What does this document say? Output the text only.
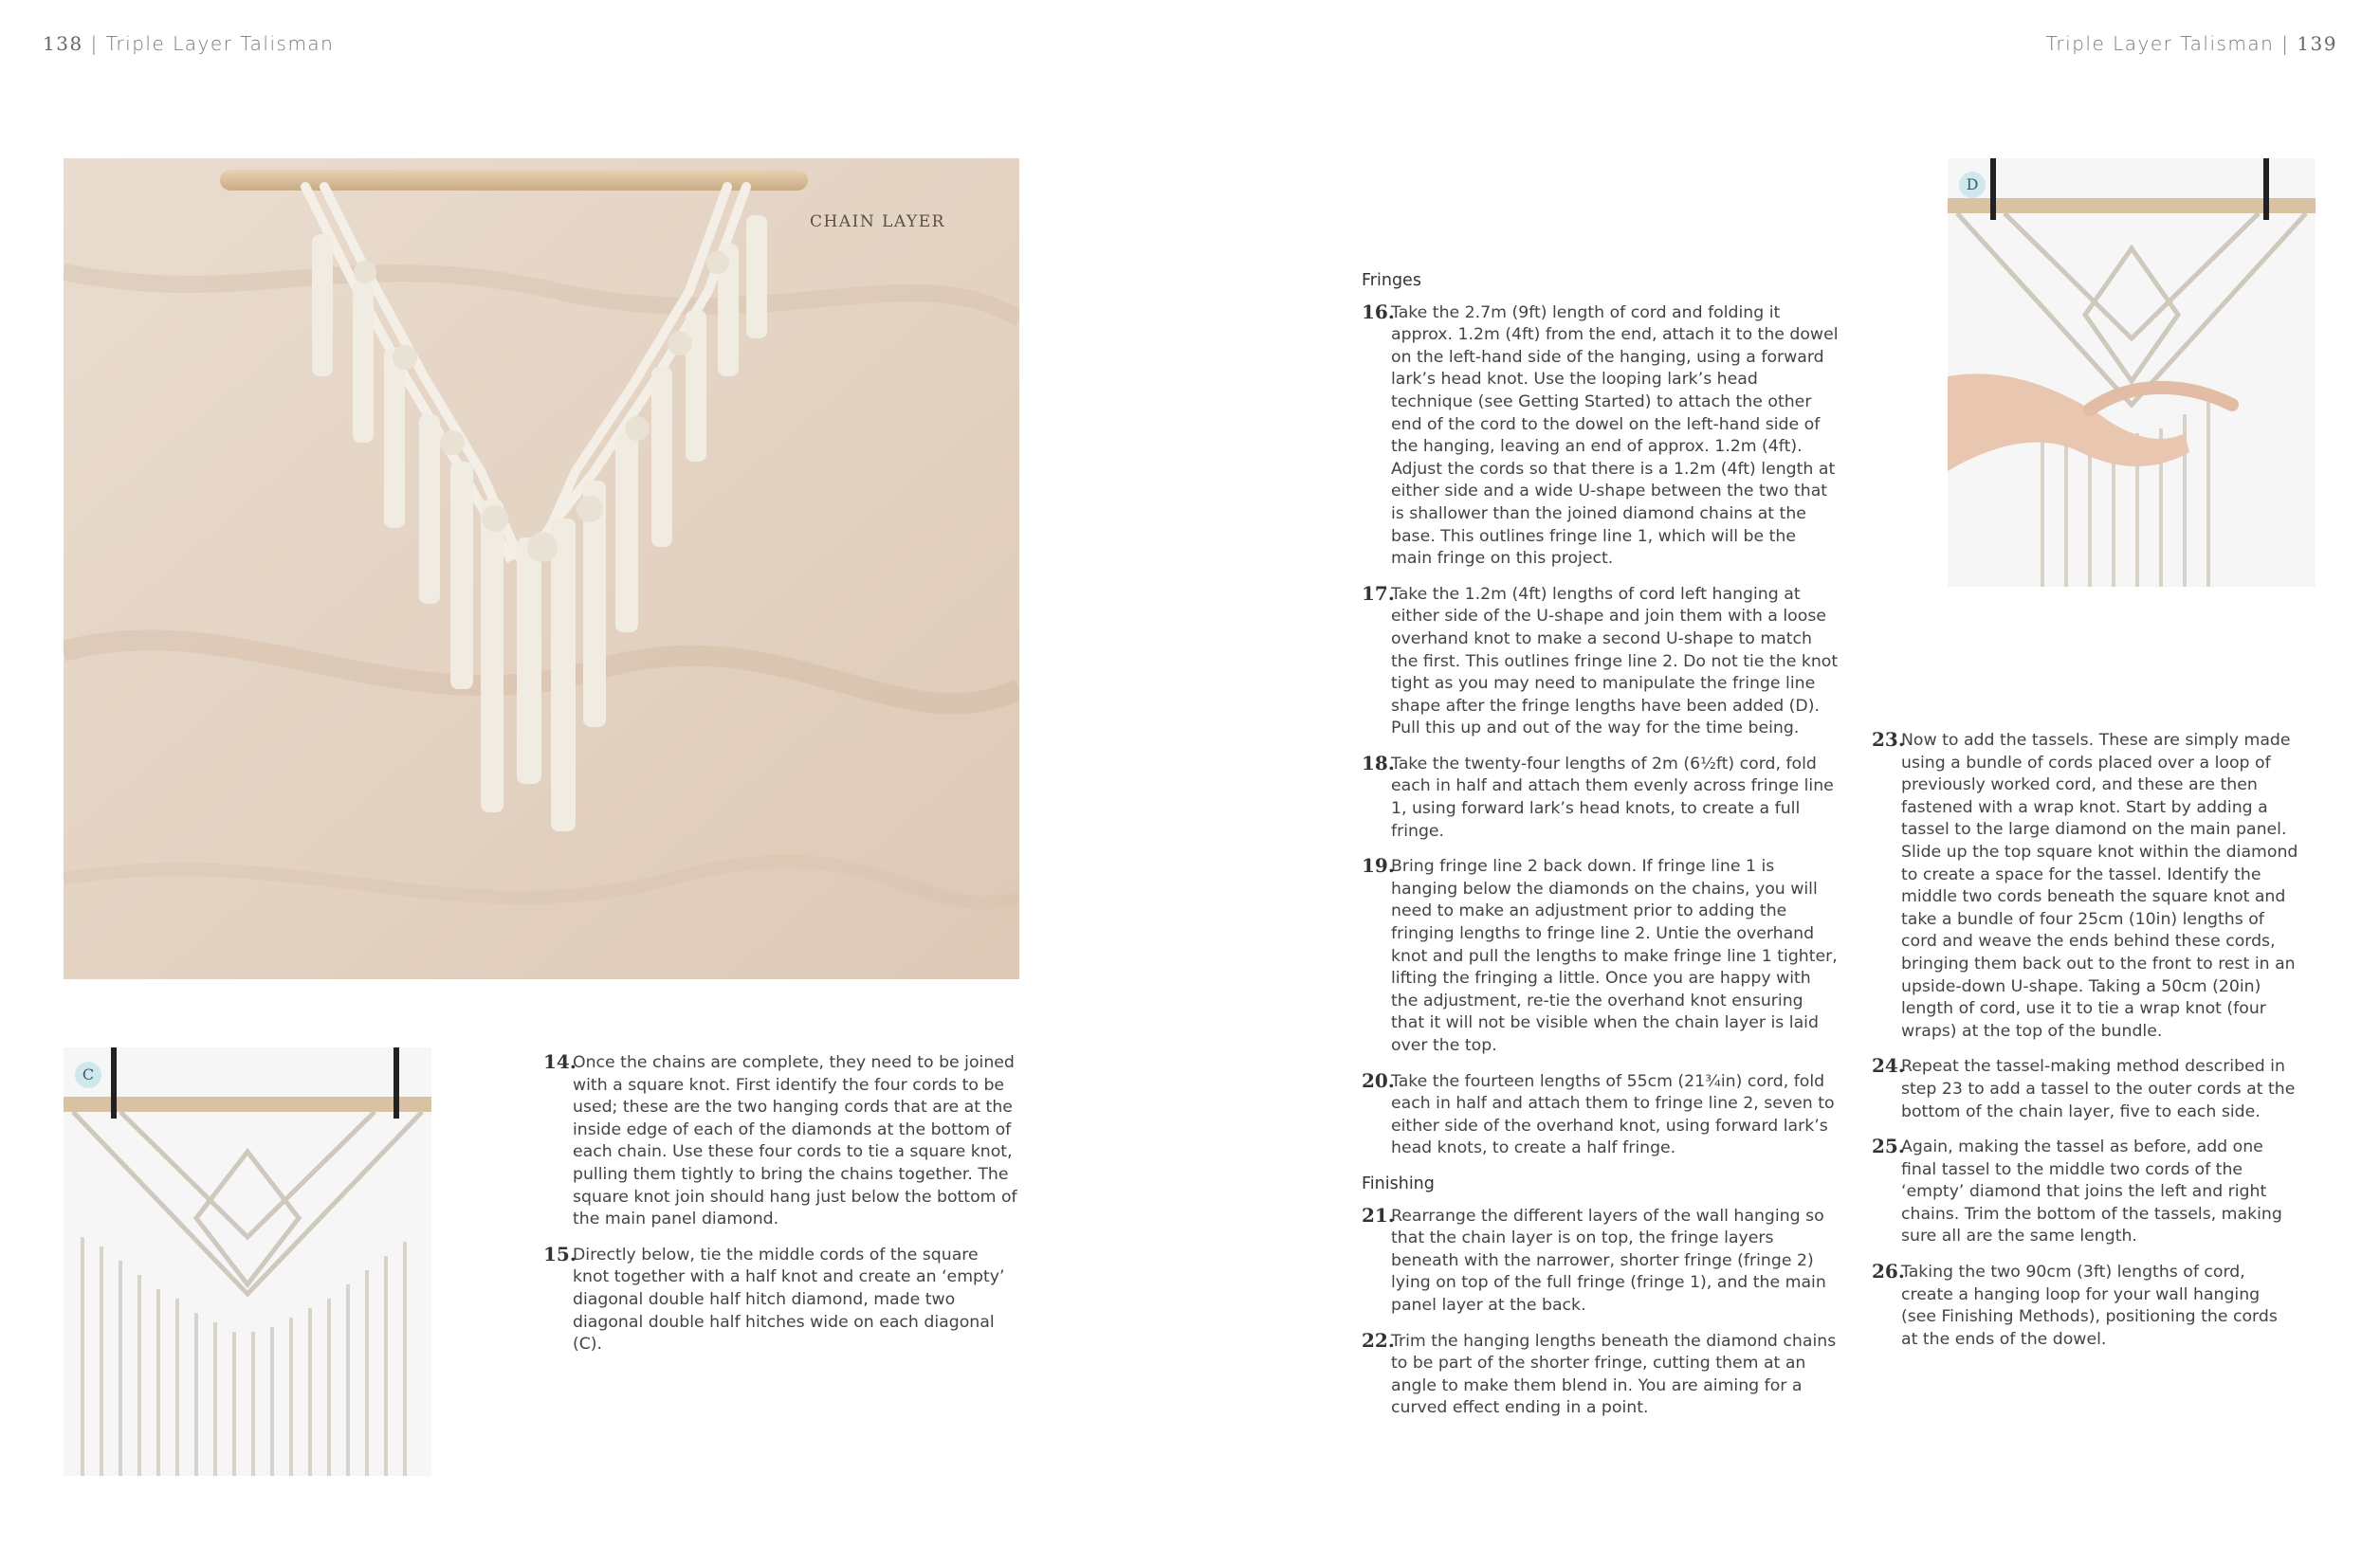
138 | Triple Layer Talisman	Triple Layer Talisman | 139
CHAIN LAYER
C
D
14.
Once the chains are complete, they need to be joined with a square knot. First identify the four cords to be used; these are the two hanging cords that are at the inside edge of each of the diamonds at the bottom of each chain. Use these four cords to tie a square knot, pulling them tightly to bring the chains together. The square knot join should hang just below the bottom of the main panel diamond.
15.
Directly below, tie the middle cords of the square knot together with a half knot and create an ‘empty’ diagonal double half hitch diamond, made two diagonal double half hitches wide on each diagonal (C).
Fringes
16.
Take the 2.7m (9ft) length of cord and folding it approx. 1.2m (4ft) from the end, attach it to the dowel on the left-hand side of the hanging, using a forward lark’s head knot. Use the looping lark’s head technique (see Getting Started) to attach the other end of the cord to the dowel on the left-hand side of the hanging, leaving an end of approx. 1.2m (4ft). Adjust the cords so that there is a 1.2m (4ft) length at either side and a wide U-shape between the two that is shallower than the joined diamond chains at the base. This outlines fringe line 1, which will be the main fringe on this project.
17.
Take the 1.2m (4ft) lengths of cord left hanging at either side of the U-shape and join them with a loose overhand knot to make a second U-shape to match the first. This outlines fringe line 2. Do not tie the knot tight as you may need to manipulate the fringe line shape after the fringe lengths have been added (D). Pull this up and out of the way for the time being.
18.
Take the twenty-four lengths of 2m (6½ft) cord, fold each in half and attach them evenly across fringe line 1, using forward lark’s head knots, to create a full fringe.
19.
Bring fringe line 2 back down. If fringe line 1 is hanging below the diamonds on the chains, you will need to make an adjustment prior to adding the fringing lengths to fringe line 2. Untie the overhand knot and pull the lengths to make fringe line 1 tighter, lifting the fringing a little. Once you are happy with the adjustment, re-tie the overhand knot ensuring that it will not be visible when the chain layer is laid over the top.
20.
Take the fourteen lengths of 55cm (21¾in) cord, fold each in half and attach them to fringe line 2, seven to either side of the overhand knot, using forward lark’s head knots, to create a half fringe.
Finishing
21.
Rearrange the different layers of the wall hanging so that the chain layer is on top, the fringe layers beneath with the narrower, shorter fringe (fringe 2) lying on top of the full fringe (fringe 1), and the main panel layer at the back.
22.
Trim the hanging lengths beneath the diamond chains to be part of the shorter fringe, cutting them at an angle to make them blend in. You are aiming for a curved effect ending in a point.
23.
Now to add the tassels. These are simply made using a bundle of cords placed over a loop of previously worked cord, and these are then fastened with a wrap knot. Start by adding a tassel to the large diamond on the main panel. Slide up the top square knot within the diamond to create a space for the tassel. Identify the middle two cords beneath the square knot and take a bundle of four 25cm (10in) lengths of cord and weave the ends behind these cords, bringing them back out to the front to rest in an upside-down U-shape. Taking a 50cm (20in) length of cord, use it to tie a wrap knot (four wraps) at the top of the bundle.
24.
Repeat the tassel-making method described in step 23 to add a tassel to the outer cords at the bottom of the chain layer, five to each side.
25.
Again, making the tassel as before, add one final tassel to the middle two cords of the ‘empty’ diamond that joins the left and right chains. Trim the bottom of the tassels, making sure all are the same length.
26.
Taking the two 90cm (3ft) lengths of cord, create a hanging loop for your wall hanging (see Finishing Methods), positioning the cords at the ends of the dowel.
